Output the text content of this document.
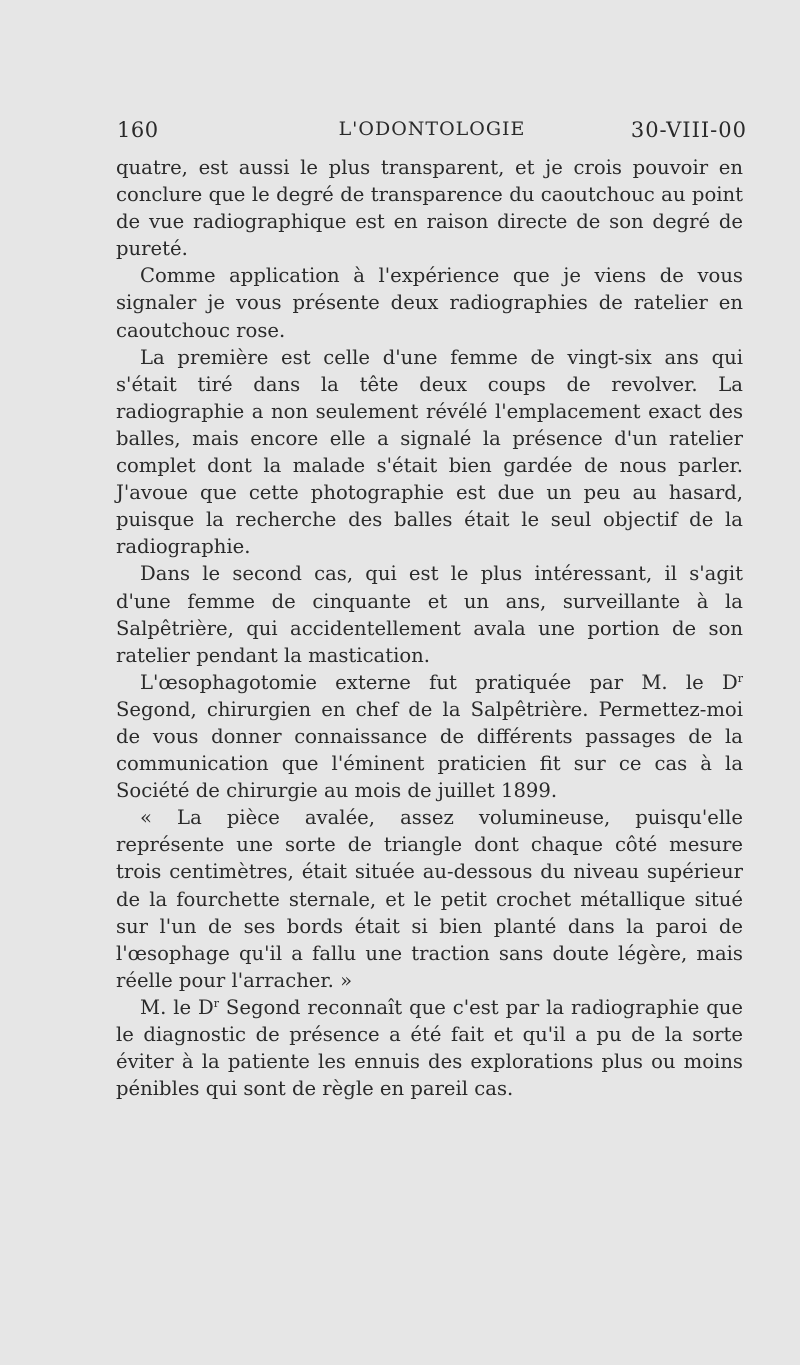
160	L'ODONTOLOGIE	30-VIII-00

quatre, est aussi le plus transparent, et je crois pouvoir en conclure que le degré de transparence du caoutchouc au point de vue radiographique est en raison directe de son degré de pureté.

Comme application à l'expérience que je viens de vous signaler je vous présente deux radiographies de ratelier en caoutchouc rose.

La première est celle d'une femme de vingt-six ans qui s'était tiré dans la tête deux coups de revolver. La radiographie a non seulement révélé l'emplacement exact des balles, mais encore elle a signalé la présence d'un ratelier complet dont la malade s'était bien gardée de nous parler. J'avoue que cette photographie est due un peu au hasard, puisque la recherche des balles était le seul objectif de la radiographie.

Dans le second cas, qui est le plus intéressant, il s'agit d'une femme de cinquante et un ans, surveillante à la Salpêtrière, qui accidentellement avala une portion de son ratelier pendant la mastication.

L'œsophagotomie externe fut pratiquée par M. le $D^r$ Segond, chirurgien en chef de la Salpêtrière. Permettez-moi de vous donner connaissance de différents passages de la communication que l'éminent praticien fit sur ce cas à la Société de chirurgie au mois de juillet 1899.

« La pièce avalée, assez volumineuse, puisqu'elle représente une sorte de triangle dont chaque côté mesure trois centimètres, était située au-dessous du niveau supérieur de la fourchette sternale, et le petit crochet métallique situé sur l'un de ses bords était si bien planté dans la paroi de l'œsophage qu'il a fallu une traction sans doute légère, mais réelle pour l'arracher. »

M. le $D^r$ Segond reconnaît que c'est par la radiographie que le diagnostic de présence a été fait et qu'il a pu de la sorte éviter à la patiente les ennuis des explorations plus ou moins pénibles qui sont de règle en pareil cas.
